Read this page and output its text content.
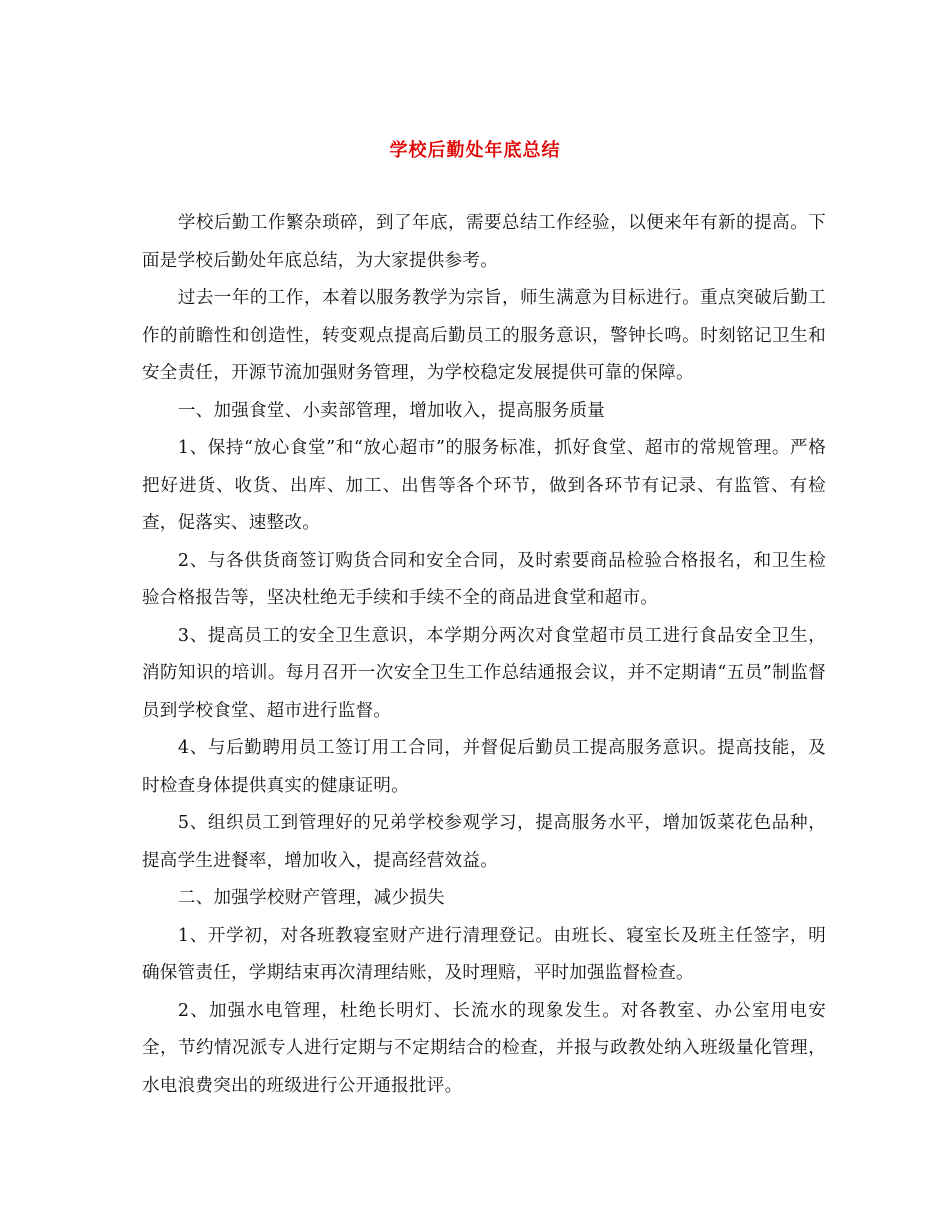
学校后勤处年底总结

学校后勤工作繁杂琐碎，到了年底，需要总结工作经验，以便来年有新的提高。下面是学校后勤处年底总结，为大家提供参考。

过去一年的工作，本着以服务教学为宗旨，师生满意为目标进行。重点突破后勤工作的前瞻性和创造性，转变观点提高后勤员工的服务意识，警钟长鸣。时刻铭记卫生和安全责任，开源节流加强财务管理，为学校稳定发展提供可靠的保障。

一、加强食堂、小卖部管理，增加收入，提高服务质量

1、保持“放心食堂”和“放心超市”的服务标准，抓好食堂、超市的常规管理。严格把好进货、收货、出库、加工、出售等各个环节，做到各环节有记录、有监管、有检查，促落实、速整改。

2、与各供货商签订购货合同和安全合同，及时索要商品检验合格报名，和卫生检验合格报告等，坚决杜绝无手续和手续不全的商品进食堂和超市。

3、提高员工的安全卫生意识，本学期分两次对食堂超市员工进行食品安全卫生，消防知识的培训。每月召开一次安全卫生工作总结通报会议，并不定期请“五员”制监督员到学校食堂、超市进行监督。

4、与后勤聘用员工签订用工合同，并督促后勤员工提高服务意识。提高技能，及时检查身体提供真实的健康证明。

5、组织员工到管理好的兄弟学校参观学习，提高服务水平，增加饭菜花色品种，提高学生进餐率，增加收入，提高经营效益。

二、加强学校财产管理，减少损失

1、开学初，对各班教寝室财产进行清理登记。由班长、寝室长及班主任签字，明确保管责任，学期结束再次清理结账，及时理赔，平时加强监督检查。

2、加强水电管理，杜绝长明灯、长流水的现象发生。对各教室、办公室用电安全，节约情况派专人进行定期与不定期结合的检查，并报与政教处纳入班级量化管理，水电浪费突出的班级进行公开通报批评。
